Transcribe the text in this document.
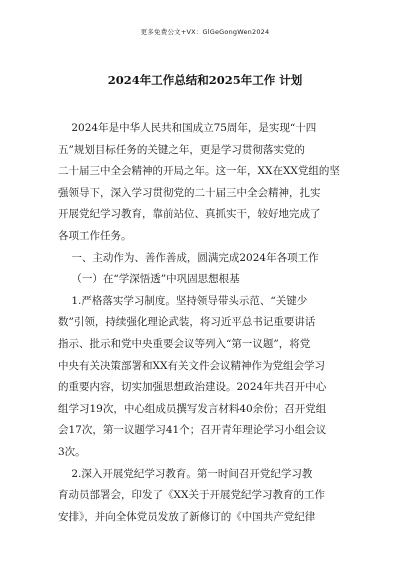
更多免费公文+VX：GlGeGongWen2024
2024年工作总结和2025年工作 计划
2024年是中华人民共和国成立75周年，是实现“十四
五”规划目标任务的关键之年，更是学习贯彻落实党的
二十届三中全会精神的开局之年。这一年，XX在XX党组的坚
强领导下，深入学习贯彻党的二十届三中全会精神，扎实
开展党纪学习教育，靠前站位、真抓实干，较好地完成了
各项工作任务。
一、主动作为、善作善成，圆满完成2024年各项工作
（一）在“学深悟透”中巩固思想根基
1.严格落实学习制度。坚持领导带头示范、“关键少
数”引领，持续强化理论武装，将习近平总书记重要讲话
指示、批示和党中央重要会议等列入“第一议题”，将党
中央有关决策部署和XX有关文件会议精神作为党组会学习
的重要内容，切实加强思想政治建设。2024年共召开中心
组学习19次，中心组成员撰写发言材料40余份；召开党组
会17次，第一议题学习41个；召开青年理论学习小组会议
3次。
2.深入开展党纪学习教育。第一时间召开党纪学习教
育动员部署会，印发了《XX关于开展党纪学习教育的工作
安排》，并向全体党员发放了新修订的《中国共产党纪律
